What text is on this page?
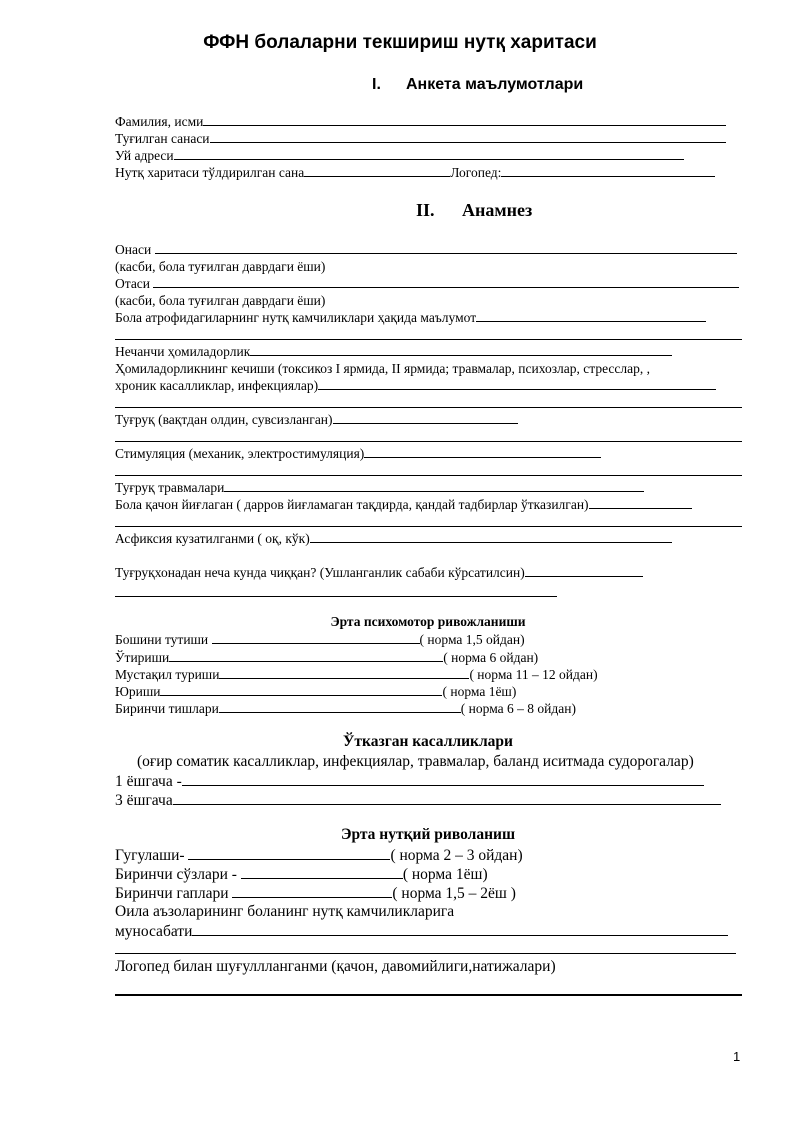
ФФН болаларни текшириш нутқ харитаси
I. Анкета маълумотлари
Фамилия, исми
Туғилган санаси
Уй адреси
Нутқ харитаси тўлдирилган сана	Логопед:
II. Анамнез
Онаси
(касби, бола туғилган даврдаги ёши)
Отаси
(касби, бола туғилган даврдаги ёши)
Бола атрофидагиларнинг нутқ камчиликлари ҳақида маълумот
Нечанчи ҳомиладорлик
Ҳомиладорликнинг кечиши (токсикоз I ярмида, II ярмида; травмалар, психозлар, стресслар, ,
хроник касалликлар, инфекциялар)
Туғруқ (вақтдан олдин, сувсизланган)
Стимуляция (механик, электростимуляция)
Туғруқ травмалари
Бола қачон йиғлаган ( дарров йиғламаган тақдирда, қандай тадбирлар ўтказилган)
Асфиксия кузатилганми ( оқ, кўк)
Туғруқхонадан неча кунда чиққан? (Ушланганлик сабаби кўрсатилсин)
Эрта психомотор ривожланиши
Бошини тутиши	( норма 1,5 ойдан)
Ўтириши	( норма 6 ойдан)
Мустақил туриши	( норма 11 – 12 ойдан)
Юриши	( норма 1ёш)
Биринчи тишлари	( норма 6 – 8 ойдан)
Ўтказган касалликлари
(оғир соматик касалликлар, инфекциялар, травмалар, баланд иситмада судорогалар)
1 ёшгача -
3 ёшгача
Эрта нутқий риволаниш
Гугулаши-	( норма 2 – 3 ойдан)
Биринчи сўзлари -	( норма 1ёш)
Биринчи гаплари	( норма 1,5 – 2ёш )
Оила аъзоларининг боланинг нутқ камчиликларига
муносабати
Логопед билан шуғуллланганми (қачон, давомийлиги,натижалари)
1
